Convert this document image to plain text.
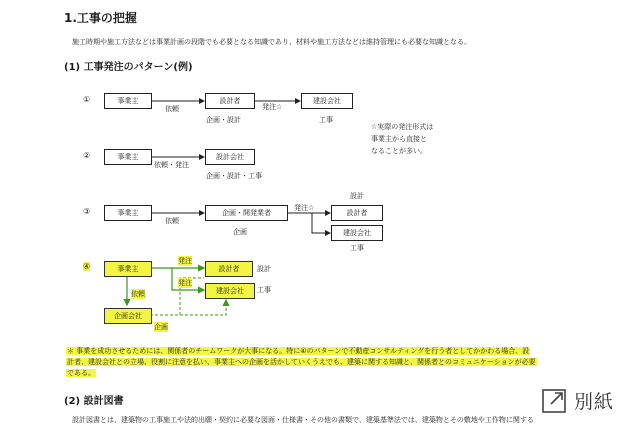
1.工事の把握
施工時期や施工方法などは事業計画の段階でも必要となる知識であり、材料や施工方法などは維持管理にも必要な知識となる。
(1) 工事発注のパターン(例)
①	事業主
依頼
設計者
企画・設計
発注☆
建設会社
工事
☆実際の発注形式は
事業主から直接と
なることが多い。
②	事業主
依頼・発注
設計会社
企画・設計・工事
③	事業主
依頼
企画・開発業者
企画
発注☆
設計
設計者
建設会社
工事
④	事業主
発注
設計者	設計
発注
建設会社	工事
依頼
企画会社
企画
＊ 事業を成功させるためには、関係者のチームワークが大事になる。特に④のパターンで不動産コンサルティングを行う者としてかかわる場合、設
計者、建設会社との立場、役割に注意を払い、事業主への企画を活かしていくうえでも、建築に関する知識と、関係者とのコミュニケーションが必要
である。
(2) 設計図書
設計図書とは、建築物の工事施工や法的出願・契約に必要な図面・仕様書・その他の書類で、建築基準法では、建築物とその敷地や工作物に関する
別紙
